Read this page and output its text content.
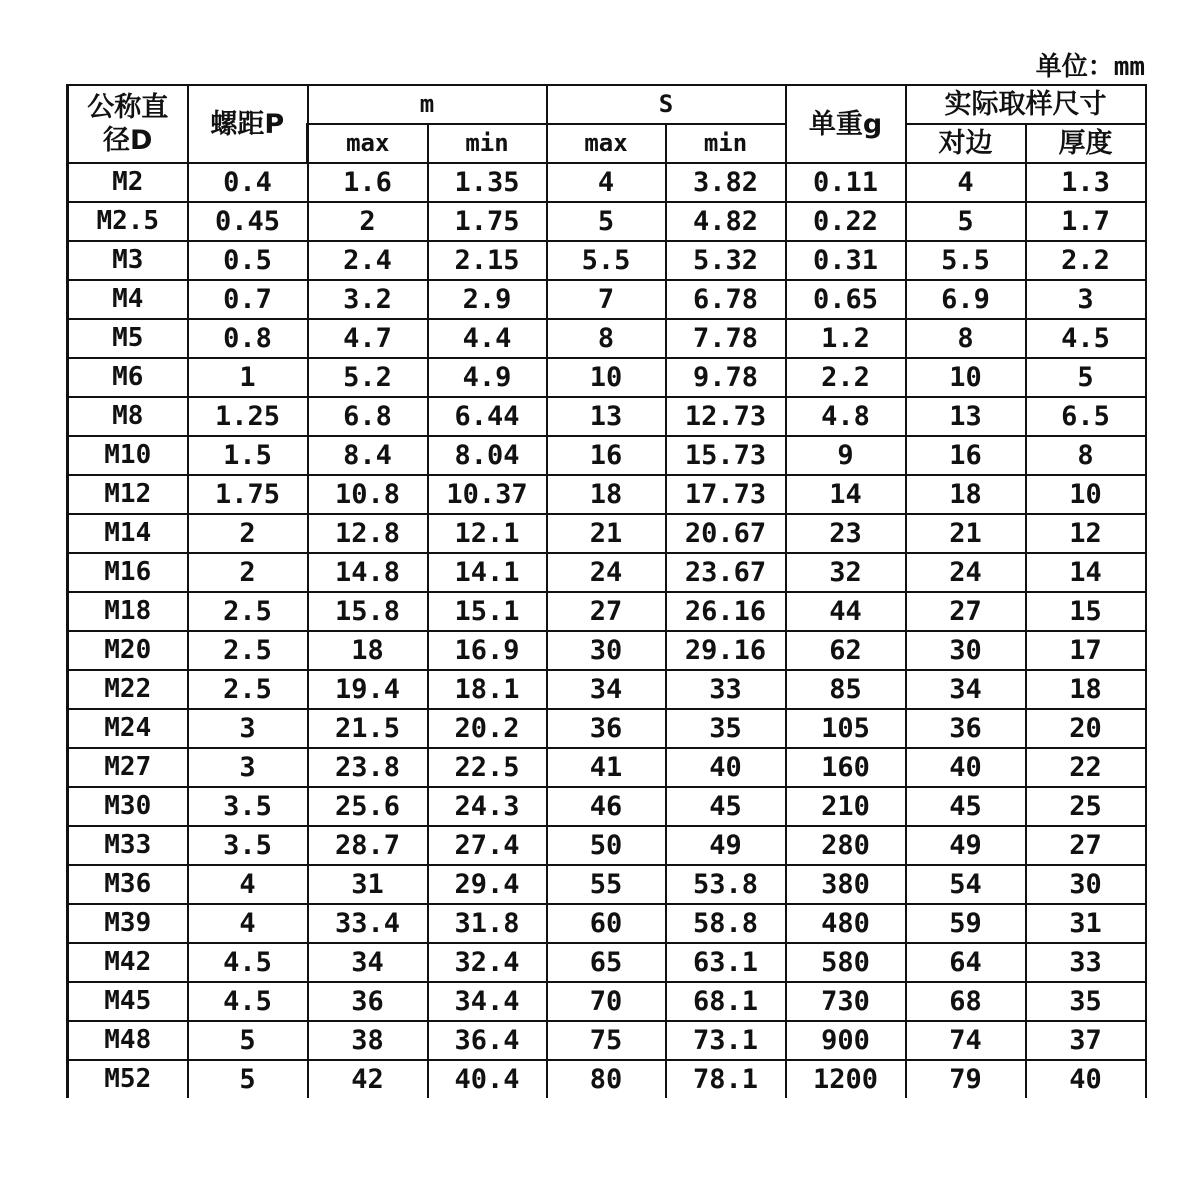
单位：mm
公称直
径D	螺距P	m		S		单重g	实际取样尺寸	
		max	min	max	min		对边	厚度
M2	0.4	1.6	1.35	4	3.82	0.11	4	1.3
M2.5	0.45	2	1.75	5	4.82	0.22	5	1.7
M3	0.5	2.4	2.15	5.5	5.32	0.31	5.5	2.2
M4	0.7	3.2	2.9	7	6.78	0.65	6.9	3
M5	0.8	4.7	4.4	8	7.78	1.2	8	4.5
M6	1	5.2	4.9	10	9.78	2.2	10	5
M8	1.25	6.8	6.44	13	12.73	4.8	13	6.5
M10	1.5	8.4	8.04	16	15.73	9	16	8
M12	1.75	10.8	10.37	18	17.73	14	18	10
M14	2	12.8	12.1	21	20.67	23	21	12
M16	2	14.8	14.1	24	23.67	32	24	14
M18	2.5	15.8	15.1	27	26.16	44	27	15
M20	2.5	18	16.9	30	29.16	62	30	17
M22	2.5	19.4	18.1	34	33	85	34	18
M24	3	21.5	20.2	36	35	105	36	20
M27	3	23.8	22.5	41	40	160	40	22
M30	3.5	25.6	24.3	46	45	210	45	25
M33	3.5	28.7	27.4	50	49	280	49	27
M36	4	31	29.4	55	53.8	380	54	30
M39	4	33.4	31.8	60	58.8	480	59	31
M42	4.5	34	32.4	65	63.1	580	64	33
M45	4.5	36	34.4	70	68.1	730	68	35
M48	5	38	36.4	75	73.1	900	74	37
M52	5	42	40.4	80	78.1	1200	79	40
